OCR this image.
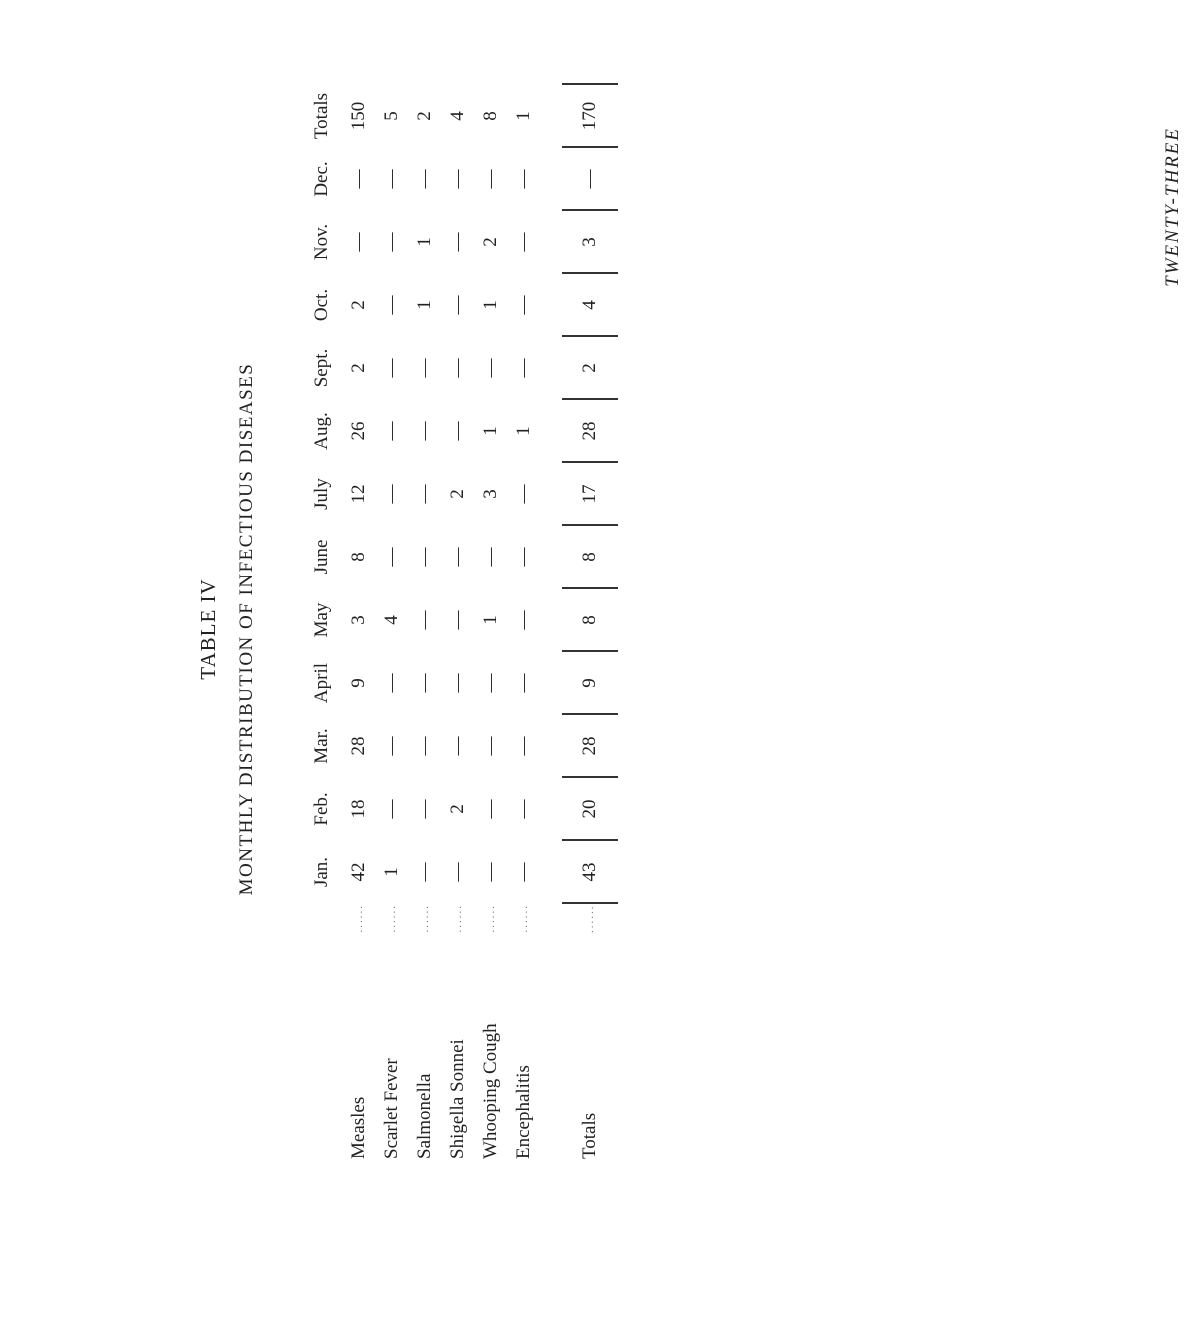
TABLE IV MONTHLY DISTRIBUTION OF INFECTIOUS DISEASES
			Jan.	Feb.	Mar.	April	May	June	July	Aug.	Sept.	Oct.	Nov.	Dec.	Totals
Measles	......	42	18	28	9	3	8	12	26	2	2	—	—	150
Scarlet Fever	......	1	—	—	—	4	—	—	—	—	—	—	—	5
Salmonella	......	—	—	—	—	—	—	—	—	—	1	1	—	2
Shigella Sonnei	......	—	2	—	—	—	—	2	—	—	—	—	—	4
Whooping Cough	......	—	—	—	—	1	—	3	1	—	1	2	—	8
Encephalitis	......	—	—	—	—	—	—	—	1	—	—	—	—	1

Totals	......	43	20	28	9	8	8	17	28	2	4	3	—	170
TWENTY-THREE
